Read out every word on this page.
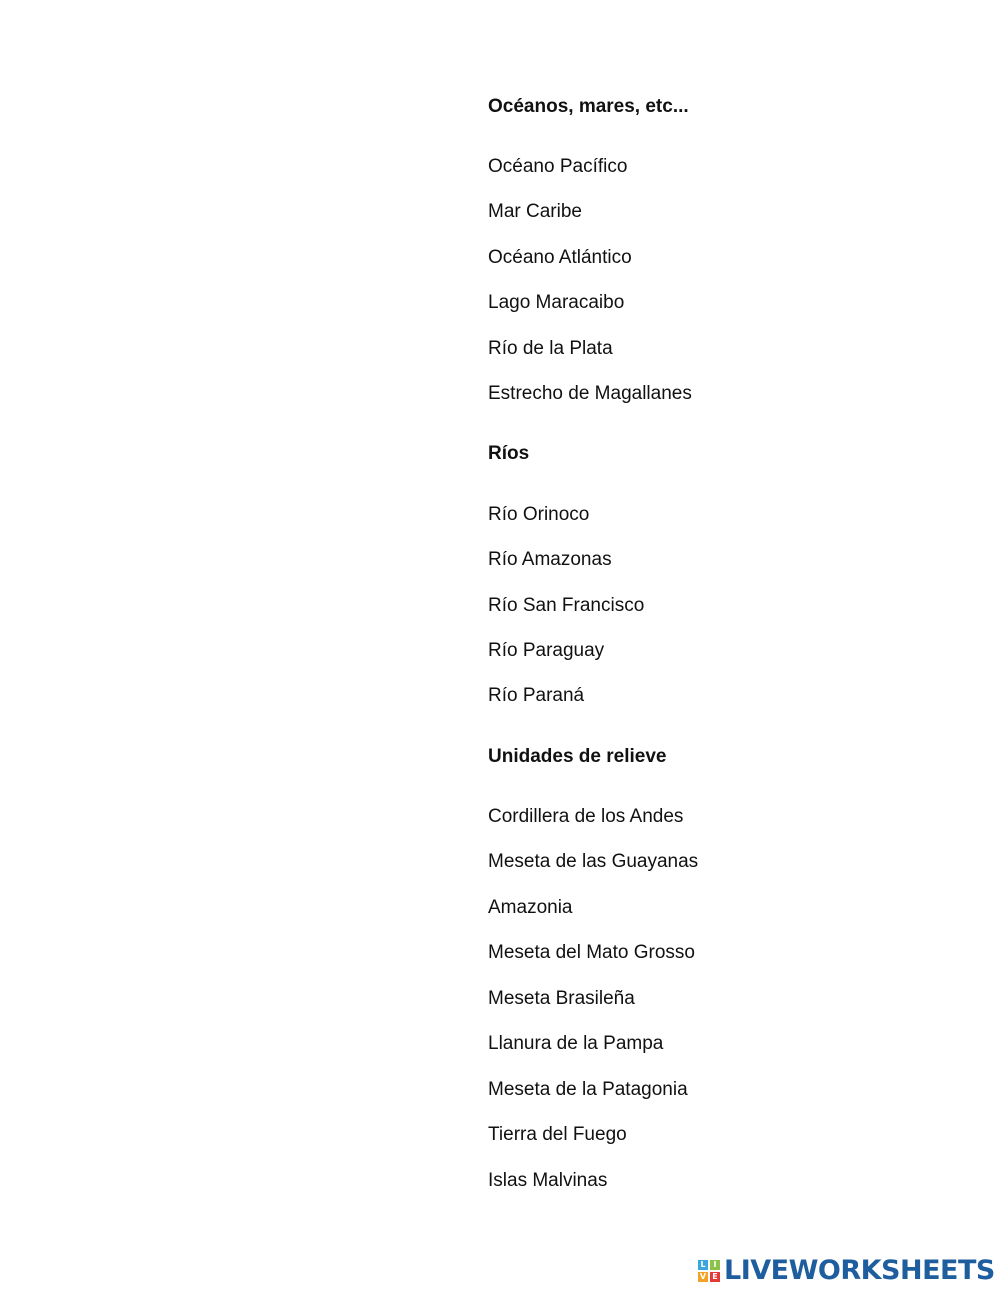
Océanos, mares, etc...
Océano Pacífico
Mar Caribe
Océano Atlántico
Lago Maracaibo
Río de la Plata
Estrecho de Magallanes
Ríos
Río Orinoco
Río Amazonas
Río San Francisco
Río Paraguay
Río Paraná
Unidades de relieve
Cordillera de los Andes
Meseta de las Guayanas
Amazonia
Meseta del Mato Grosso
Meseta Brasileña
Llanura de la Pampa
Meseta de la Patagonia
Tierra del Fuego
Islas Malvinas
L I
V E LIVEWORKSHEETS
